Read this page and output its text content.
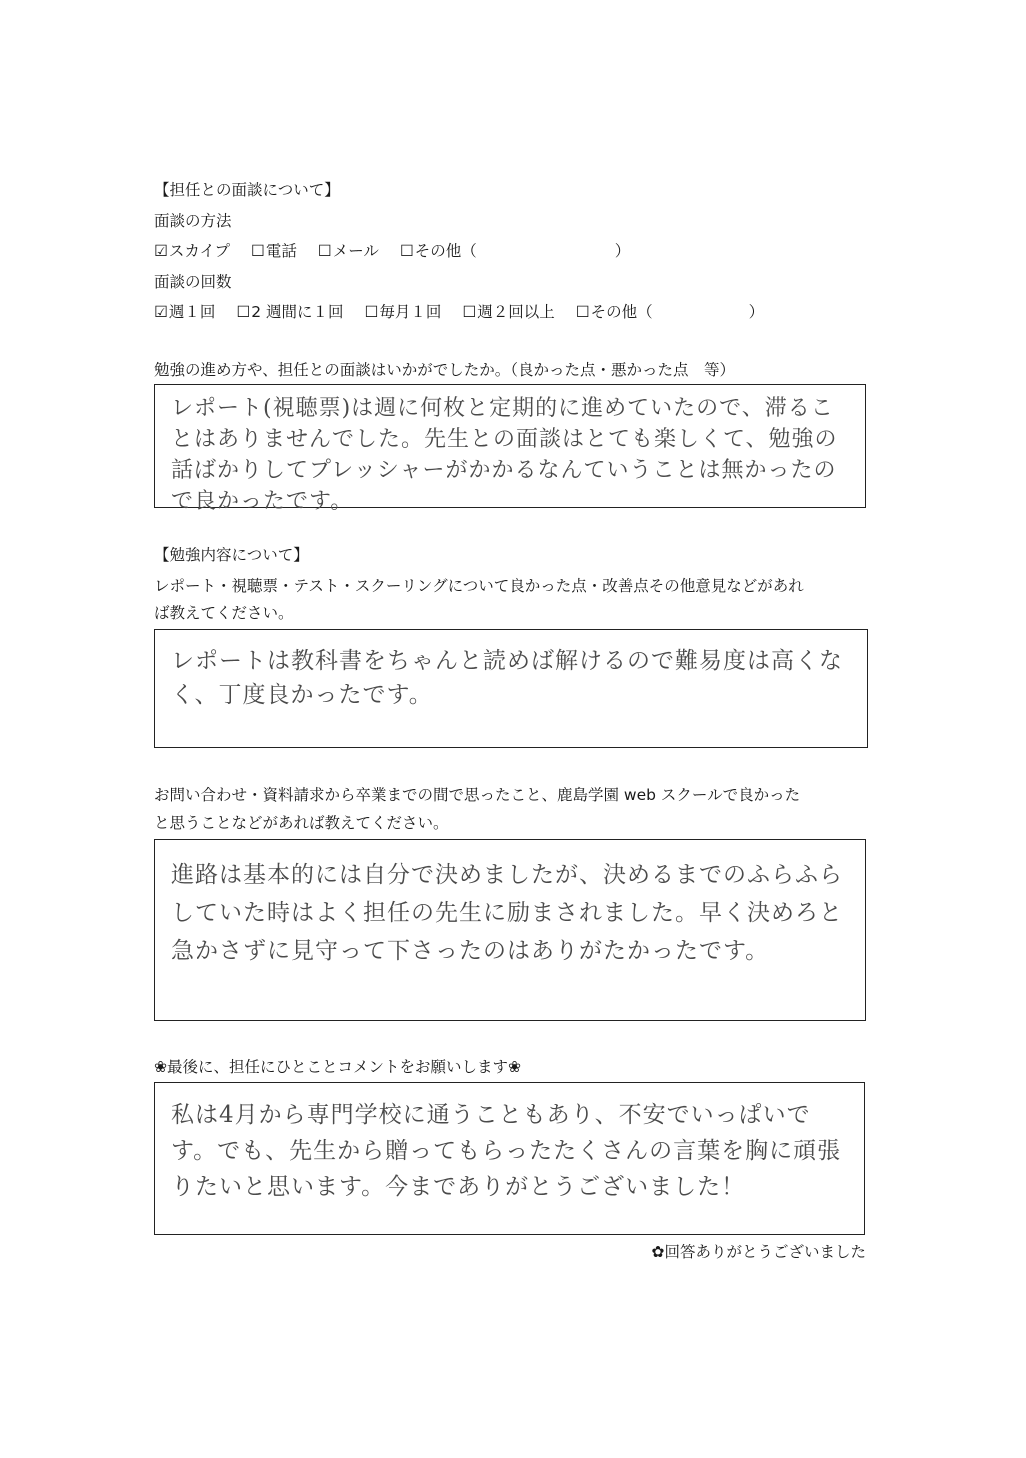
【担任との面談について】
面談の方法
☑スカイプ ☐電話 ☐メール ☐その他（	）
面談の回数
☑週１回 ☐2 週間に１回 ☐毎月１回 ☐週２回以上 ☐その他（	）
勉強の進め方や、担任との面談はいかがでしたか。（良かった点・悪かった点　等）
レポート(視聴票)は週に何枚と定期的に進めていたので、滞ることはありませんでした。先生との面談はとても楽しくて、勉強の話ばかりしてプレッシャーがかかるなんていうことは無かったので良かったです。
【勉強内容について】
レポート・視聴票・テスト・スクーリングについて良かった点・改善点その他意見などがあれ
ば教えてください。
レポートは教科書をちゃんと読めば解けるので難易度は高くなく、丁度良かったです。
お問い合わせ・資料請求から卒業までの間で思ったこと、鹿島学園 web スクールで良かった
と思うことなどがあれば教えてください。
進路は基本的には自分で決めましたが、決めるまでのふらふらしていた時はよく担任の先生に励まされました。早く決めろと急かさずに見守って下さったのはありがたかったです。
❀最後に、担任にひとことコメントをお願いします❀
私は4月から専門学校に通うこともあり、不安でいっぱいです。でも、先生から贈ってもらったたくさんの言葉を胸に頑張りたいと思います。今までありがとうございました！
✿回答ありがとうございました
